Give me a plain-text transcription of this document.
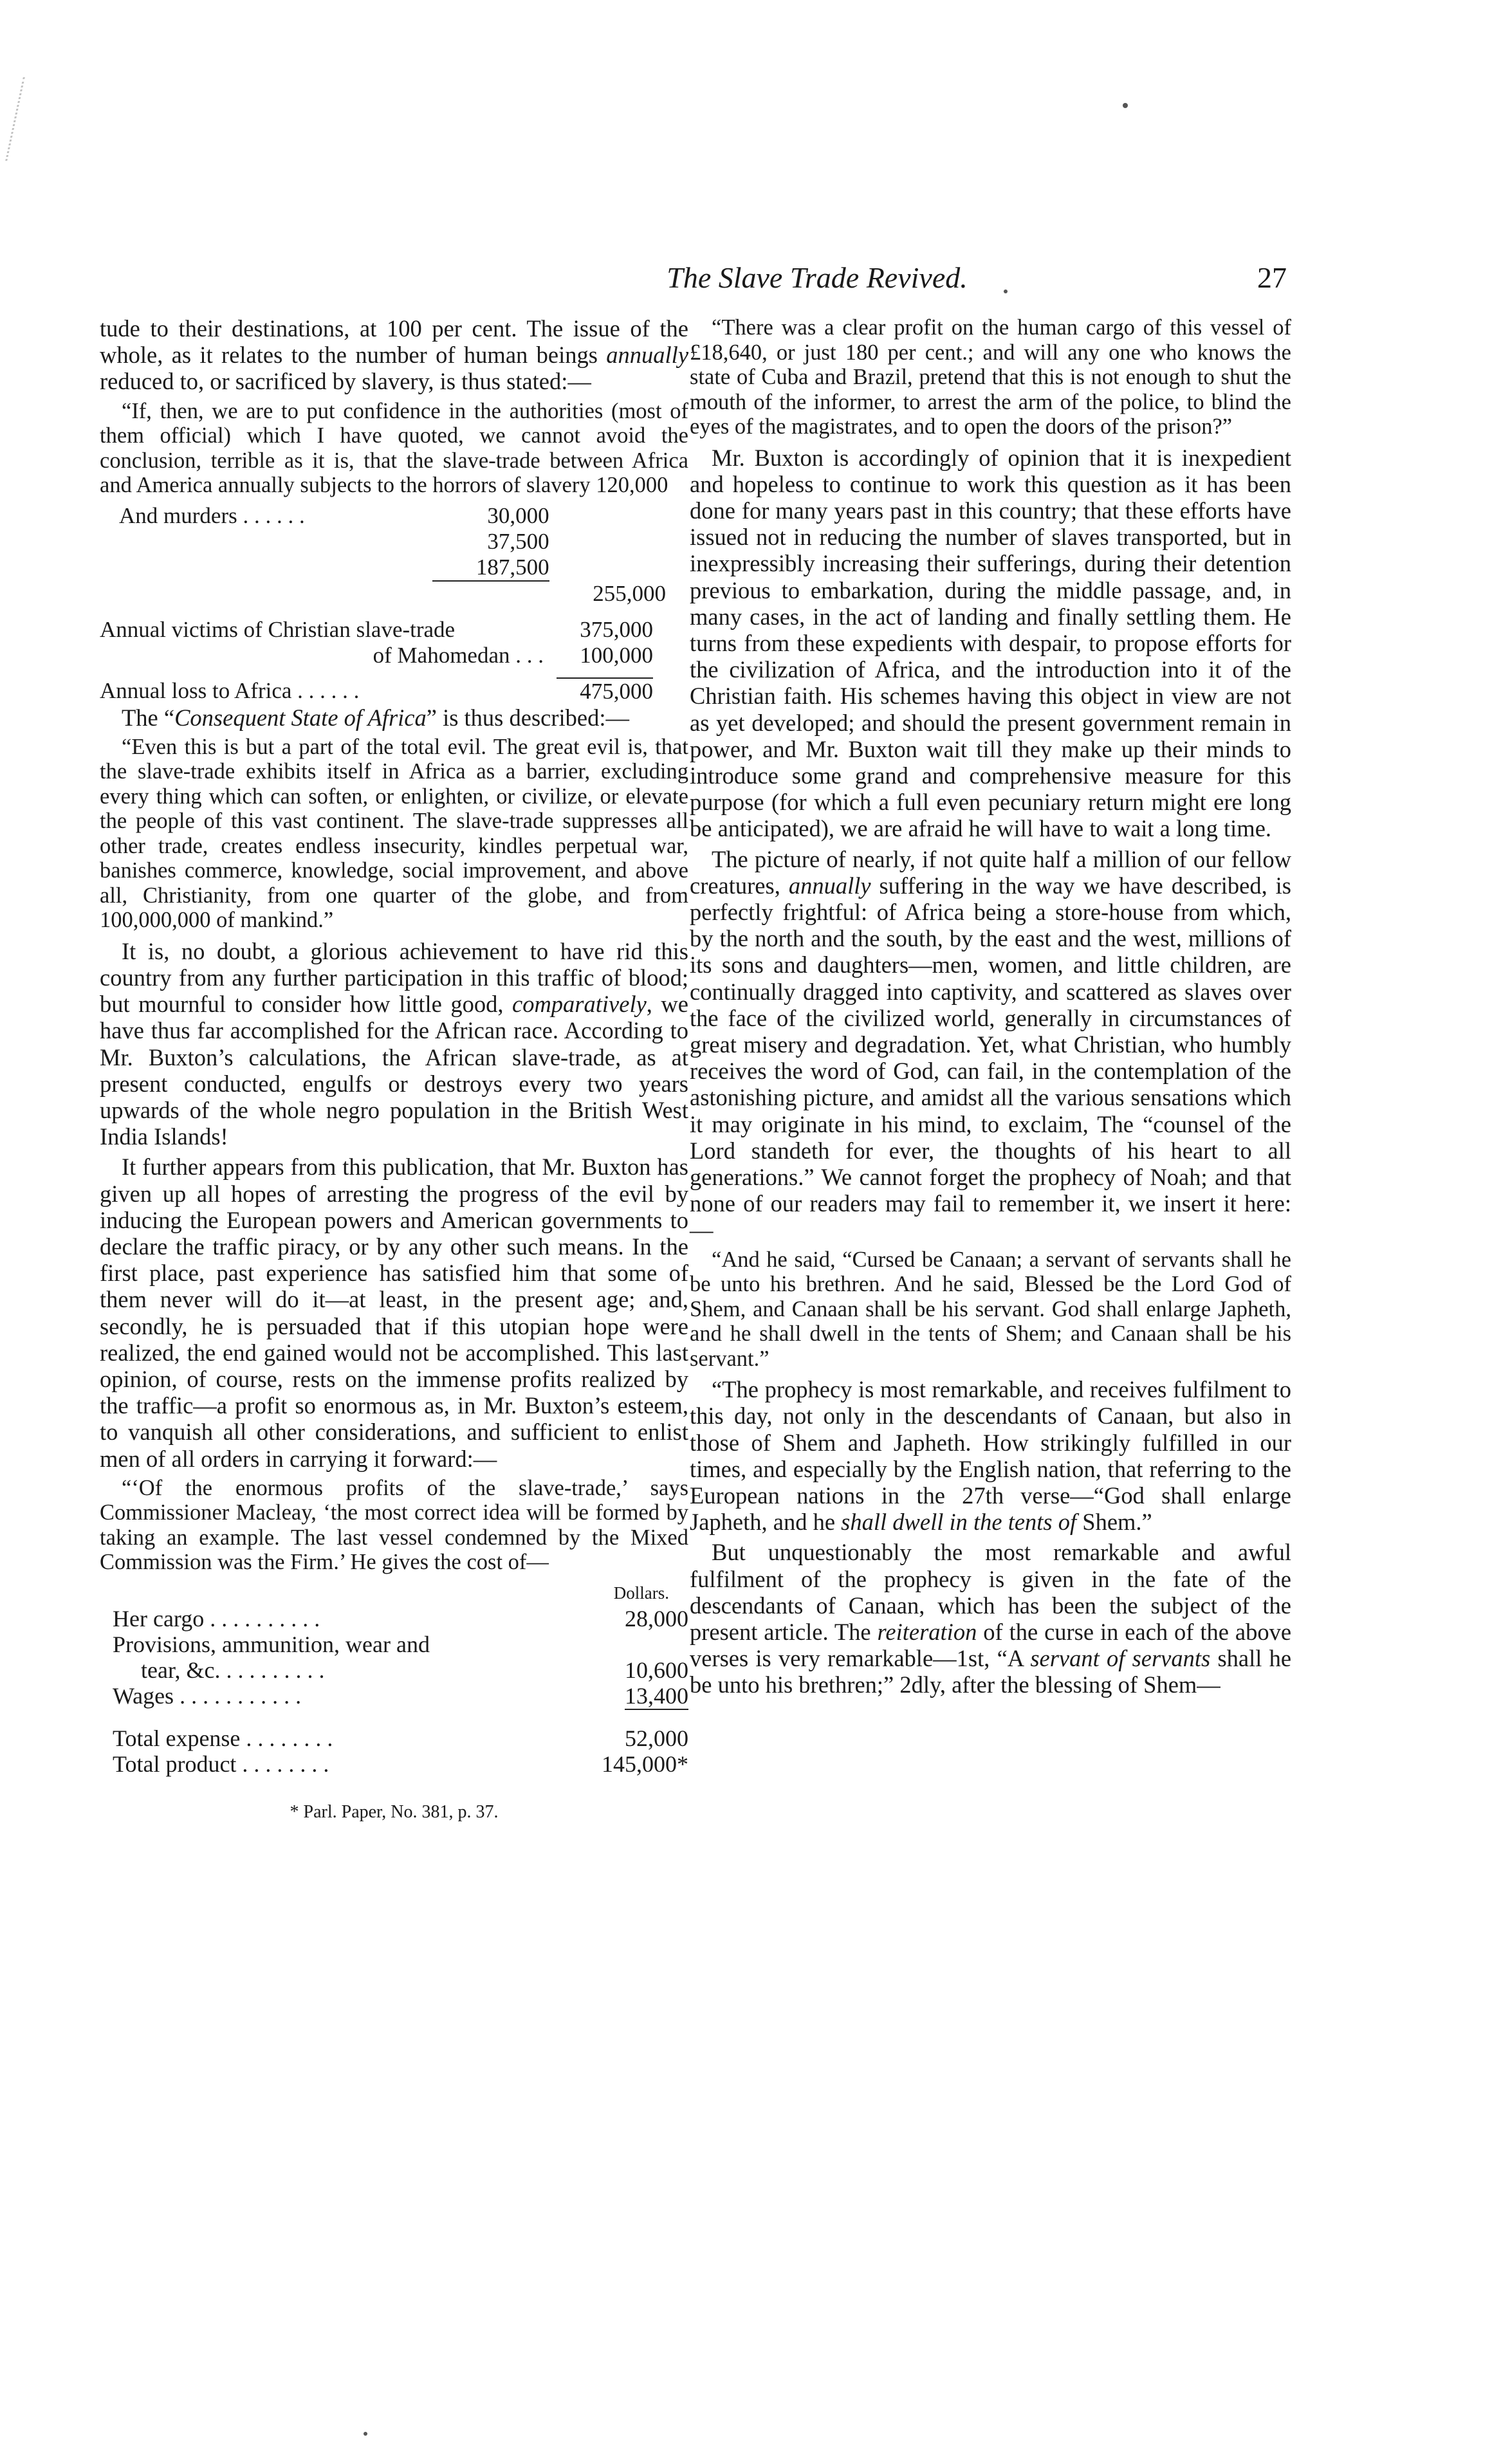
The Slave Trade Revived.	27

tude to their destinations, at 100 per cent. The issue of the whole, as it relates to the number of human beings annually reduced to, or sacrificed by slavery, is thus stated:—

“If, then, we are to put confidence in the authorities (most of them official) which I have quoted, we cannot avoid the conclusion, terrible as it is, that the slave-trade between Africa and America annually subjects to the horrors of slavery 120,000

And murders . . . . . .	30,000	
	37,500	
	187,500	
		255,000
Annual victims of Christian slave-trade	375,000
of Mahomedan . . .	100,000

Annual loss to Africa . . . . . .	475,000

The “Consequent State of Africa” is thus described:—

“Even this is but a part of the total evil. The great evil is, that the slave-trade exhibits itself in Africa as a barrier, excluding every thing which can soften, or enlighten, or civilize, or elevate the people of this vast continent. The slave-trade suppresses all other trade, creates endless insecurity, kindles perpetual war, banishes commerce, knowledge, social improvement, and above all, Christianity, from one quarter of the globe, and from 100,000,000 of mankind.”

It is, no doubt, a glorious achievement to have rid this country from any further participation in this traffic of blood; but mournful to consider how little good, comparatively, we have thus far accomplished for the African race. According to Mr. Buxton’s calculations, the African slave-trade, as at present conducted, engulfs or destroys every two years upwards of the whole negro population in the British West India Islands!

It further appears from this publication, that Mr. Buxton has given up all hopes of arresting the progress of the evil by inducing the European powers and American governments to declare the traffic piracy, or by any other such means. In the first place, past experience has satisfied him that some of them never will do it—at least, in the present age; and, secondly, he is persuaded that if this utopian hope were realized, the end gained would not be accomplished. This last opinion, of course, rests on the immense profits realized by the traffic—a profit so enormous as, in Mr. Buxton’s esteem, to vanquish all other considerations, and sufficient to enlist men of all orders in carrying it forward:—

“‘Of the enormous profits of the slave-trade,’ says Commissioner Macleay, ‘the most correct idea will be formed by taking an example. The last vessel condemned by the Mixed Commission was the Firm.’ He gives the cost of—

Dollars.
Her cargo . . . . . . . . . .	28,000
Provisions, ammunition, wear and
tear, &c. . . . . . . . . .	10,600
Wages . . . . . . . . . . .	13,400
Total expense . . . . . . . .	52,000
Total product . . . . . . . .	145,000*
* Parl. Paper, No. 381, p. 37.

“There was a clear profit on the human cargo of this vessel of £18,640, or just 180 per cent.; and will any one who knows the state of Cuba and Brazil, pretend that this is not enough to shut the mouth of the informer, to arrest the arm of the police, to blind the eyes of the magistrates, and to open the doors of the prison?”

Mr. Buxton is accordingly of opinion that it is inexpedient and hopeless to continue to work this question as it has been done for many years past in this country; that these efforts have issued not in reducing the number of slaves transported, but in inexpressibly increasing their sufferings, during their detention previous to embarkation, during the middle passage, and, in many cases, in the act of landing and finally settling them. He turns from these expedients with despair, to propose efforts for the civilization of Africa, and the introduction into it of the Christian faith. His schemes having this object in view are not as yet developed; and should the present government remain in power, and Mr. Buxton wait till they make up their minds to introduce some grand and comprehensive measure for this purpose (for which a full even pecuniary return might ere long be anticipated), we are afraid he will have to wait a long time.

The picture of nearly, if not quite half a million of our fellow creatures, annually suffering in the way we have described, is perfectly frightful: of Africa being a store-house from which, by the north and the south, by the east and the west, millions of its sons and daughters—men, women, and little children, are continually dragged into captivity, and scattered as slaves over the face of the civilized world, generally in circumstances of great misery and degradation. Yet, what Christian, who humbly receives the word of God, can fail, in the contemplation of the astonishing picture, and amidst all the various sensations which it may originate in his mind, to exclaim, The “counsel of the Lord standeth for ever, the thoughts of his heart to all generations.” We cannot forget the prophecy of Noah; and that none of our readers may fail to remember it, we insert it here:—

“And he said, “Cursed be Canaan; a servant of servants shall he be unto his brethren. And he said, Blessed be the Lord God of Shem, and Canaan shall be his servant. God shall enlarge Japheth, and he shall dwell in the tents of Shem; and Canaan shall be his servant.”

“The prophecy is most remarkable, and receives fulfilment to this day, not only in the descendants of Canaan, but also in those of Shem and Japheth. How strikingly fulfilled in our times, and especially by the English nation, that referring to the European nations in the 27th verse—“God shall enlarge Japheth, and he shall dwell in the tents of Shem.”

But unquestionably the most remarkable and awful fulfilment of the prophecy is given in the fate of the descendants of Canaan, which has been the subject of the present article. The reiteration of the curse in each of the above verses is very remarkable—1st, “A servant of servants shall he be unto his brethren;” 2dly, after the blessing of Shem—
